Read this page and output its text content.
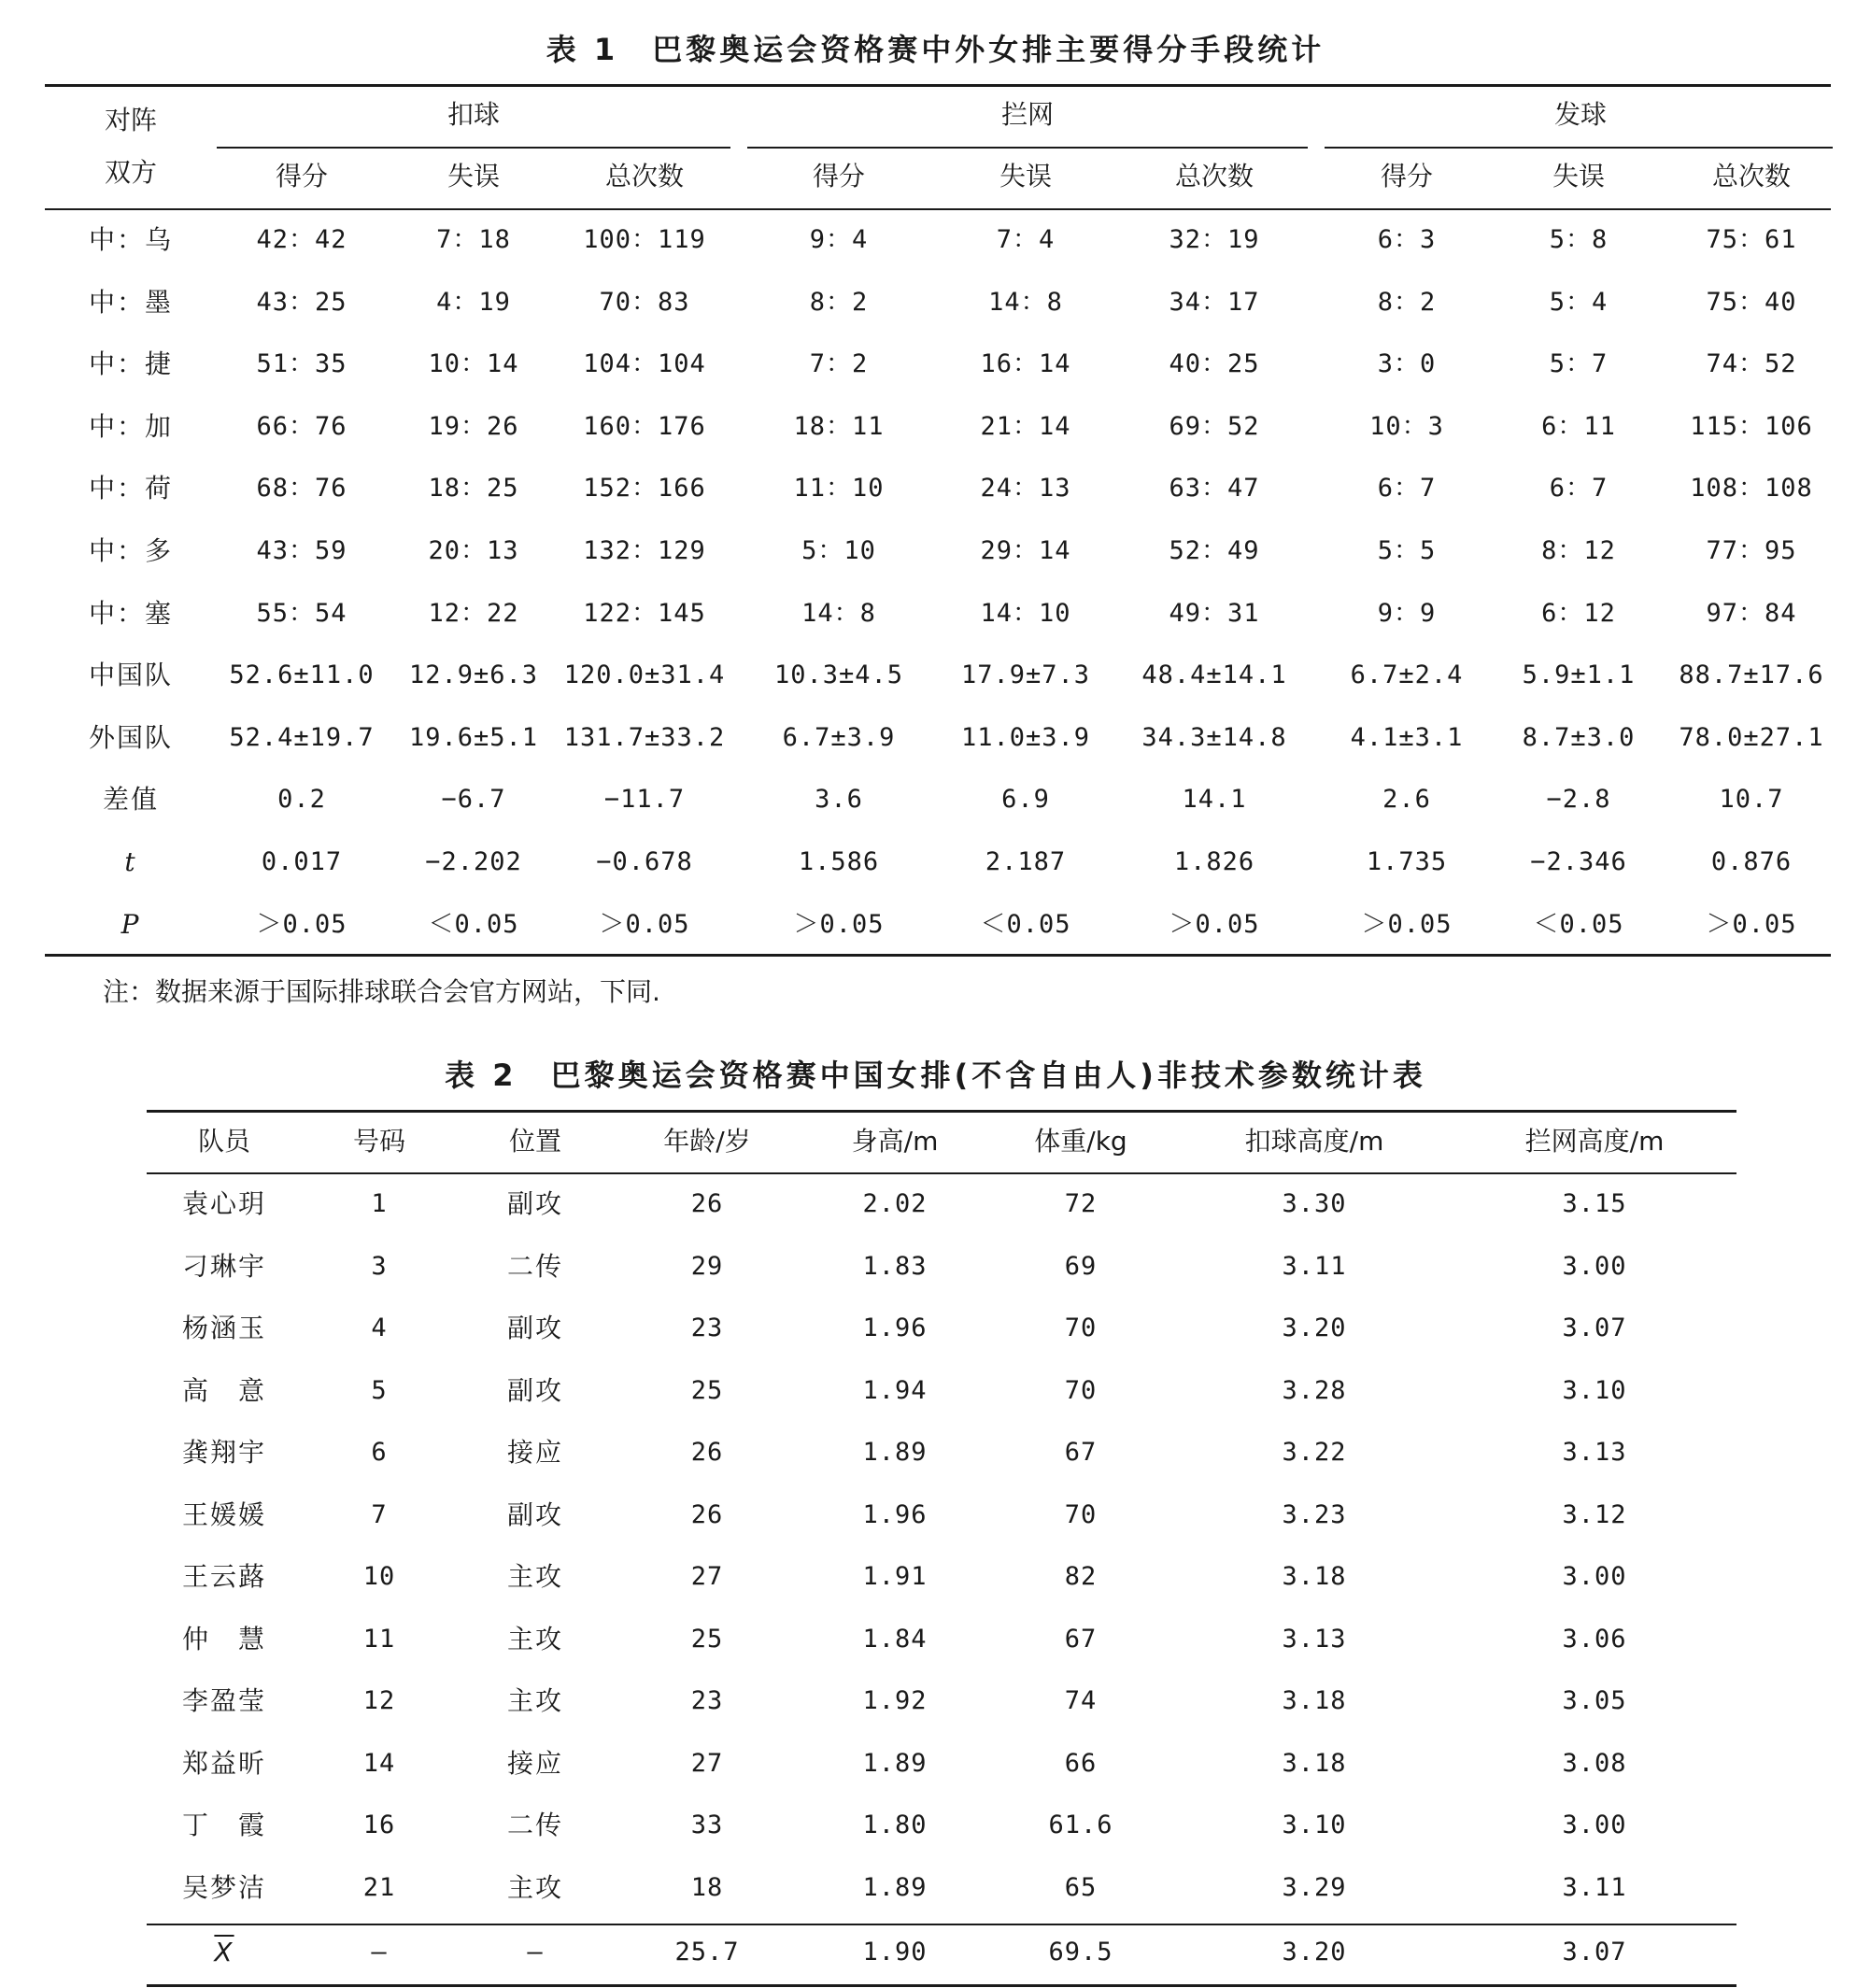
表 1 巴黎奥运会资格赛中外女排主要得分手段统计
对阵
双方
扣球	拦网	发球
得分	失误	总次数	得分	失误	总次数	得分	失误	总次数
中：乌	42：42	7：18	100：119	9：4	7：4	32：19	6：3	5：8	75：61
中：墨	43：25	4：19	70：83	8：2	14：8	34：17	8：2	5：4	75：40
中：捷	51：35	10：14	104：104	7：2	16：14	40：25	3：0	5：7	74：52
中：加	66：76	19：26	160：176	18：11	21：14	69：52	10：3	6：11	115：106
中：荷	68：76	18：25	152：166	11：10	24：13	63：47	6：7	6：7	108：108
中：多	43：59	20：13	132：129	5：10	29：14	52：49	5：5	8：12	77：95
中：塞	55：54	12：22	122：145	14：8	14：10	49：31	9：9	6：12	97：84
中国队 52.6±11.0 12.9±6.3 120.0±31.4 10.3±4.5 17.9±7.3 48.4±14.1	6.7±2.4 5.9±1.1 88.7±17.6
外国队 52.4±19.7 19.6±5.1 131.7±33.2 6.7±3.9	11.0±3.9 34.3±14.8	4.1±3.1 8.7±3.0 78.0±27.1
差值	0.2	−6.7	−11.7	3.6	6.9	14.1	2.6	−2.8	10.7
t	0.017	−2.202	−0.678	1.586	2.187	1.826	1.735	−2.346	0.876
P	＞0.05	＜0.05	＞0.05	＞0.05	＜0.05	＞0.05	＞0.05	＜0.05	＞0.05
注：数据来源于国际排球联合会官方网站，下同.
表 2 巴黎奥运会资格赛中国女排(不含自由人)非技术参数统计表
队员	号码	位置	年龄/岁	身高/m	体重/kg	扣球高度/m	拦网高度/m
袁心玥	1	副攻	26	2.02	72	3.30	3.15
刁琳宇	3	二传	29	1.83	69	3.11	3.00
杨涵玉	4	副攻	23	1.96	70	3.20	3.07
高　意	5	副攻	25	1.94	70	3.28	3.10
龚翔宇	6	接应	26	1.89	67	3.22	3.13
王媛媛	7	副攻	26	1.96	70	3.23	3.12
王云蕗	10	主攻	27	1.91	82	3.18	3.00
仲　慧	11	主攻	25	1.84	67	3.13	3.06
李盈莹	12	主攻	23	1.92	74	3.18	3.05
郑益昕	14	接应	27	1.89	66	3.18	3.08
丁　霞	16	二传	33	1.80	61.6	3.10	3.00
吴梦洁	21	主攻	18	1.89	65	3.29	3.11
$\overline{X}$	—	—	25.7	1.90	69.5	3.20	3.07
